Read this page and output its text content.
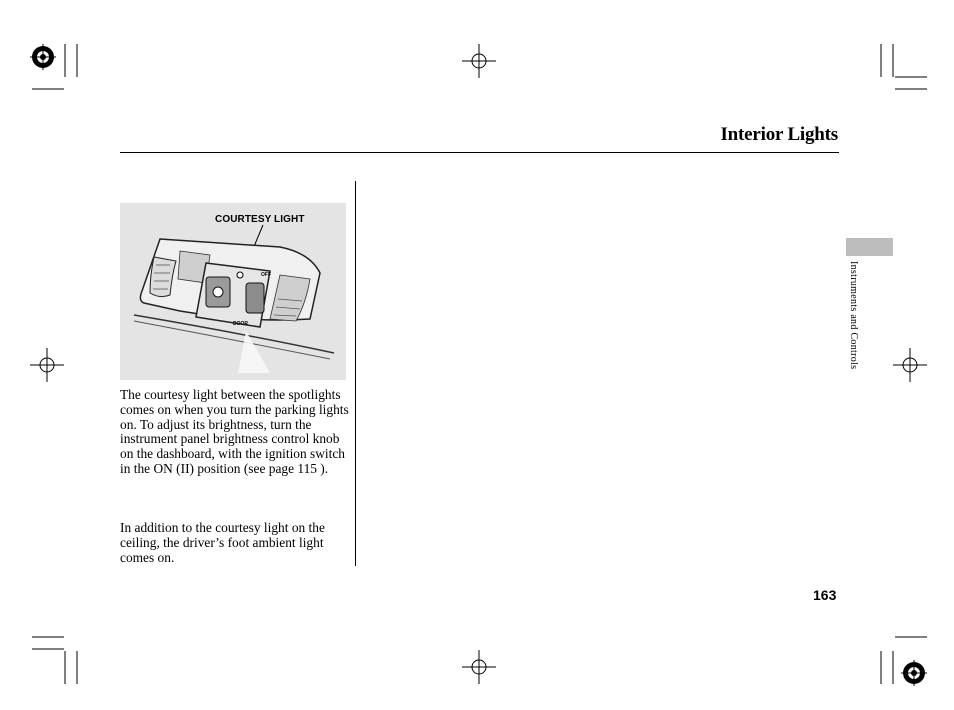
Interior Lights
COURTESY LIGHT
OFF
DOOR
The courtesy light between the spotlights comes on when you turn the parking lights on. To adjust its brightness, turn the instrument panel brightness control knob on the dashboard, with the ignition switch in the ON (II) position (see page 115 ).
In addition to the courtesy light on the ceiling, the driver’s foot ambient light comes on.
Instruments and Controls
163
